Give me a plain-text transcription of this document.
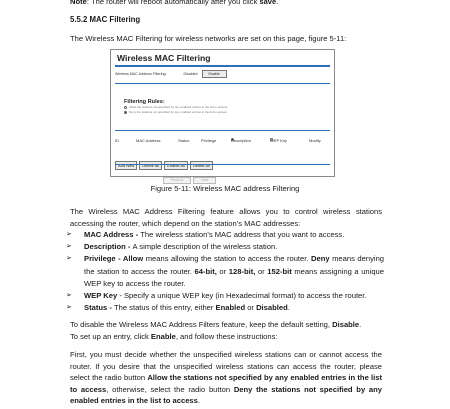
Note: The router will reboot automatically after you click save.

5.5.2 MAC Filtering

The Wireless MAC Filtering for wireless networks are set on this page, figure 5-11:

Wireless MAC Filtering
Wireless MAC Address Filtering:	Disabled	Enable
Filtering Rules:
Allow the stations not specified by any enabled entries in the list to access
Deny the stations not specified by any enabled entries in the list to access
ID	MAC Address	Status	Privilege	Description	WEP Key	Modify
Add New Delete All Enable All Delete All
Previous	Next
Figure 5-11: Wireless MAC address Filtering

The Wireless MAC Address Filtering feature allows you to control wireless stations accessing the router, which depend on the station's MAC addresses:

➢ MAC Address - The wireless station's MAC address that you want to access.
➢ Description - A simple description of the wireless station.
➢ Privilege - Allow means allowing the station to access the router. Deny means denying the station to access the router. 64-bit, or 128-bit, or 152-bit means assigning a unique WEP key to access the router.
➢ WEP Key - Specify a unique WEP key (in Hexadecimal format) to access the router.
➢ Status - The status of this entry, either Enabled or Disabled.

To disable the Wireless MAC Address Filters feature, keep the default setting, Disable.

To set up an entry, click Enable, and follow these instructions:

First, you must decide whether the unspecified wireless stations can or cannot access the router. If you desire that the unspecified wireless stations can access the router, please select the radio button Allow the stations not specified by any enabled entries in the list to access, otherwise, select the radio button Deny the stations not specified by any enabled entries in the list to access.
